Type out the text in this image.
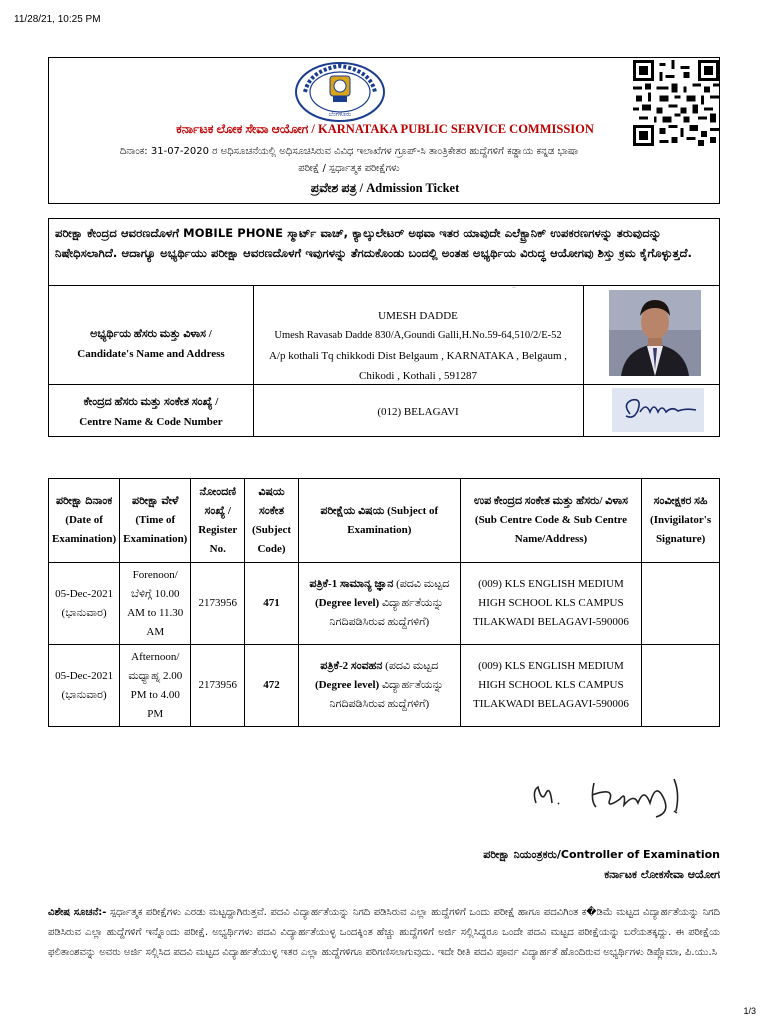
11/28/21, 10:25 PM
ಬೆಂಗಳೂರು
ಕರ್ನಾಟಕ ಲೋಕ ಸೇವಾ ಆಯೋಗ / KARNATAKA PUBLIC SERVICE COMMISSION
ದಿನಾಂಕ: 31-07-2020 ರ ಅಧಿಸೂಚನೆಯಲ್ಲಿ ಅಧಿಸೂಚಿಸಿರುವ ವಿವಿಧ ಇಲಾಖೆಗಳ ಗ್ರೂಪ್-ಸಿ ತಾಂತ್ರಿಕೇತರ ಹುದ್ದೆಗಳಿಗೆ ಕಡ್ಡಾಯ ಕನ್ನಡ ಭಾಷಾ
ಪರೀಕ್ಷೆ / ಸ್ಪರ್ಧಾತ್ಮಕ ಪರೀಕ್ಷೆಗಳು
ಪ್ರವೇಶ ಪತ್ರ / Admission Ticket
ಪರೀಕ್ಷಾ ಕೇಂದ್ರದ ಆವರಣದೊಳಗೆ MOBILE PHONE ಸ್ಮಾರ್ಟ್ ವಾಚ್, ಕ್ಯಾಲ್ಕುಲೇಟರ್ ಅಥವಾ ಇತರ ಯಾವುದೇ ಎಲೆಕ್ಟ್ರಾನಿಕ್ ಉಪಕರಣಗಳನ್ನು ತರುವುದನ್ನು ನಿಷೇಧಿಸಲಾಗಿದೆ. ಆದಾಗ್ಯೂ ಅಭ್ಯರ್ಥಿಯು ಪರೀಕ್ಷಾ ಆವರಣದೊಳಗೆ ಇವುಗಳನ್ನು ತೆಗದುಕೊಂಡು ಬಂದಲ್ಲಿ ಅಂತಹ ಅಭ್ಯರ್ಥಿಯ ವಿರುದ್ಧ ಆಯೋಗವು ಶಿಸ್ತು ಕ್ರಮ ಕೈಗೊಳ್ಳುತ್ತದೆ.
ಅಭ್ಯರ್ಥಿಯ ಹೆಸರು ಮತ್ತು ವಿಳಾಸ /
Candidate's Name and Address
UMESH DADDE
Umesh Ravasab Dadde 830/A,Goundi Galli,H.No.59-64,510/2/E-52
A/p kothali Tq chikkodi Dist Belgaum , KARNATAKA , Belgaum ,
Chikodi , Kothali , 591287
ಕೇಂದ್ರದ ಹೆಸರು ಮತ್ತು ಸಂಕೇತ ಸಂಖ್ಯೆ /
Centre Name & Code Number
(012) BELAGAVI
Umesh
ಪರೀಕ್ಷಾ ದಿನಾಂಕ (Date of Examination)	ಪರೀಕ್ಷಾ ವೇಳೆ (Time of Examination)	ನೋಂದಣಿ ಸಂಖ್ಯೆ / Register No.	ವಿಷಯ ಸಂಕೇತ (Subject Code)	ಪರೀಕ್ಷೆಯ ವಿಷಯ (Subject of Examination)	ಉಪ ಕೇಂದ್ರದ ಸಂಕೇತ ಮತ್ತು ಹೆಸರು/ ವಿಳಾಸ (Sub Centre Code & Sub Centre Name/Address)	ಸಂವೀಕ್ಷಕರ ಸಹಿ (Invigilator's Signature)

05-Dec-2021
(ಭಾನುವಾರ)	Forenoon/ ಬೆಳಿಗ್ಗೆ 10.00 AM to 11.30 AM	2173956	471	ಪತ್ರಿಕೆ-1 ಸಾಮಾನ್ಯ ಜ್ಞಾನ (ಪದವಿ ಮಟ್ಟದ (Degree level) ವಿದ್ಯಾರ್ಹತೆಯನ್ನು ನಿಗದಿಪಡಿಸಿರುವ ಹುದ್ದೆಗಳಿಗೆ)	(009) KLS ENGLISH MEDIUM HIGH SCHOOL KLS CAMPUS TILAKWADI BELAGAVI-590006	

05-Dec-2021
(ಭಾನುವಾರ)	Afternoon/ ಮಧ್ಯಾಹ್ನ 2.00 PM to 4.00 PM	2173956	472	ಪತ್ರಿಕೆ-2 ಸಂವಹನ (ಪದವಿ ಮಟ್ಟದ (Degree level) ವಿದ್ಯಾರ್ಹತೆಯನ್ನು ನಿಗದಿಪಡಿಸಿರುವ ಹುದ್ದೆಗಳಿಗೆ)	(009) KLS ENGLISH MEDIUM HIGH SCHOOL KLS CAMPUS TILAKWADI BELAGAVI-590006	
ಪರೀಕ್ಷಾ ನಿಯಂತ್ರಕರು/Controller of Examination
ಕರ್ನಾಟಕ ಲೋಕಸೇವಾ ಆಯೋಗ
ವಿಶೇಷ ಸೂಚನೆ:- ಸ್ಪರ್ಧಾತ್ಮಕ ಪರೀಕ್ಷೆಗಳು ಎರಡು ಮಟ್ಟದ್ದಾಗಿರುತ್ತವೆ. ಪದವಿ ವಿದ್ಯಾರ್ಹತೆಯನ್ನು ನಿಗದಿ ಪಡಿಸಿರುವ ಎಲ್ಲಾ ಹುದ್ದೆಗಳಿಗೆ ಒಂದು ಪರೀಕ್ಷೆ ಹಾಗೂ ಪದವಿಗಿಂತ ಕ�ಡಿಮೆ ಮಟ್ಟದ ವಿದ್ಯಾರ್ಹತೆಯನ್ನು ನಿಗದಿ ಪಡಿಸಿರುವ ಎಲ್ಲಾ ಹುದ್ದೆಗಳಿಗೆ ಇನ್ನೊಂದು ಪರೀಕ್ಷೆ. ಅಭ್ಯರ್ಥಿಗಳು ಪದವಿ ವಿದ್ಯಾರ್ಹತೆಯುಳ್ಳ ಒಂದಕ್ಕಿಂತ ಹೆಚ್ಚು ಹುದ್ದೆಗಳಿಗೆ ಅರ್ಜಿ ಸಲ್ಲಿಸಿದ್ದರೂ ಒಂದೇ ಪದವಿ ಮಟ್ಟದ ಪರೀಕ್ಷೆಯನ್ನು ಬರೆಯತಕ್ಕದ್ದು. ಈ ಪರೀಕ್ಷೆಯ ಫಲಿತಾಂಶವನ್ನು ಅವರು ಅರ್ಜಿ ಸಲ್ಲಿಸಿದ ಪದವಿ ಮಟ್ಟದ ವಿದ್ಯಾರ್ಹತೆಯುಳ್ಳ ಇತರ ಎಲ್ಲಾ ಹುದ್ದೆಗಳಿಗೂ ಪರಿಗಣಿಸಲಾಗುವುದು. ಇದೇ ರೀತಿ ಪದವಿ ಪೂರ್ವ ವಿದ್ಯಾರ್ಹತೆ ಹೊಂದಿರುವ ಅಭ್ಯರ್ಥಿಗಳು ಡಿಪ್ಲೊಮಾ, ಪಿ.ಯು.ಸಿ
1/3
